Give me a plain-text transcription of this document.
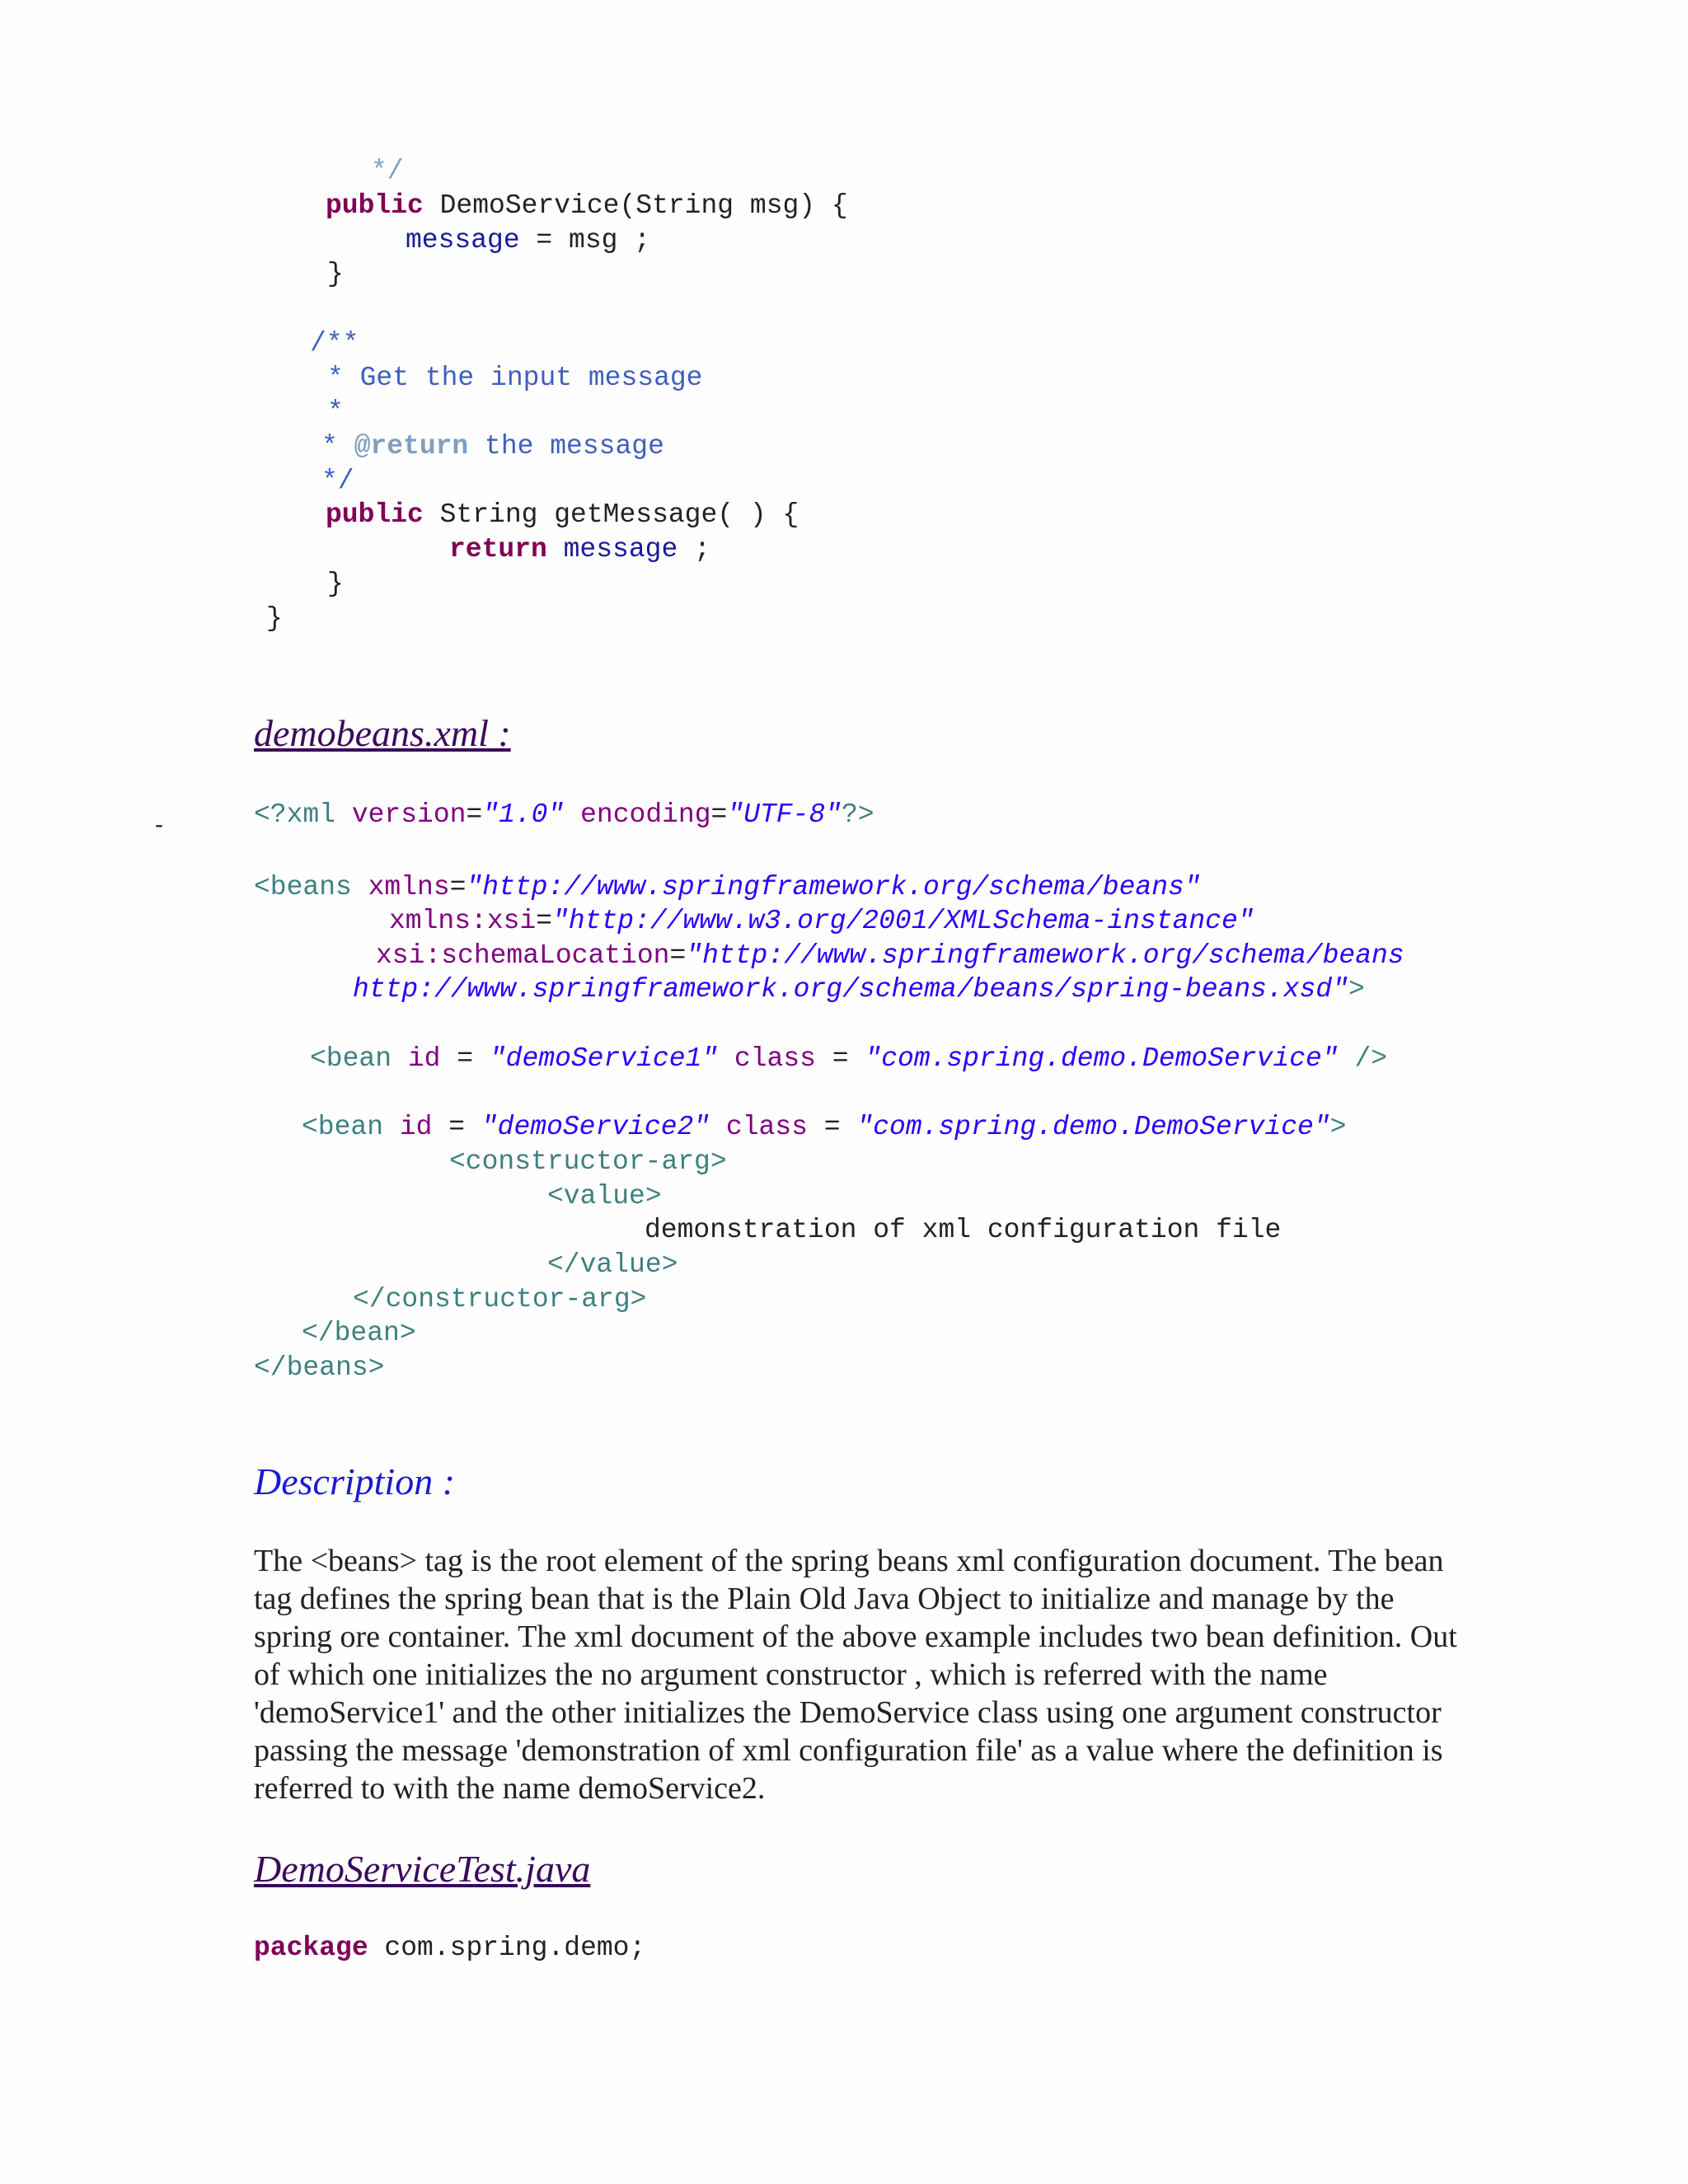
*/
public DemoService(String msg) {
message = msg ;
}
/**
* Get the input message
*
* @return the message
*/
public String getMessage( ) {
return message ;
}
}
demobeans.xml :
-	<?xml version="1.0" encoding="UTF-8"?>
<beans xmlns="http://www.springframework.org/schema/beans"
xmlns:xsi="http://www.w3.org/2001/XMLSchema-instance"
xsi:schemaLocation="http://www.springframework.org/schema/beans
http://www.springframework.org/schema/beans/spring-beans.xsd">
<bean id = "demoService1" class = "com.spring.demo.DemoService" />
<bean id = "demoService2" class = "com.spring.demo.DemoService">
<constructor-arg>
<value>
demonstration of xml configuration file
</value>
</constructor-arg>
</bean>
</beans>
Description :
The <beans> tag is the root element of the spring beans xml configuration document. The bean
tag defines the spring bean that is the Plain Old Java Object to initialize and manage by the
spring ore container. The xml document of the above example includes two bean definition. Out
of which one initializes the no argument constructor , which is referred with the name
'demoService1' and the other initializes the DemoService class using one argument constructor
passing the message 'demonstration of xml configuration file' as a value where the definition is
referred to with the name demoService2.
DemoServiceTest.java
package com.spring.demo;
